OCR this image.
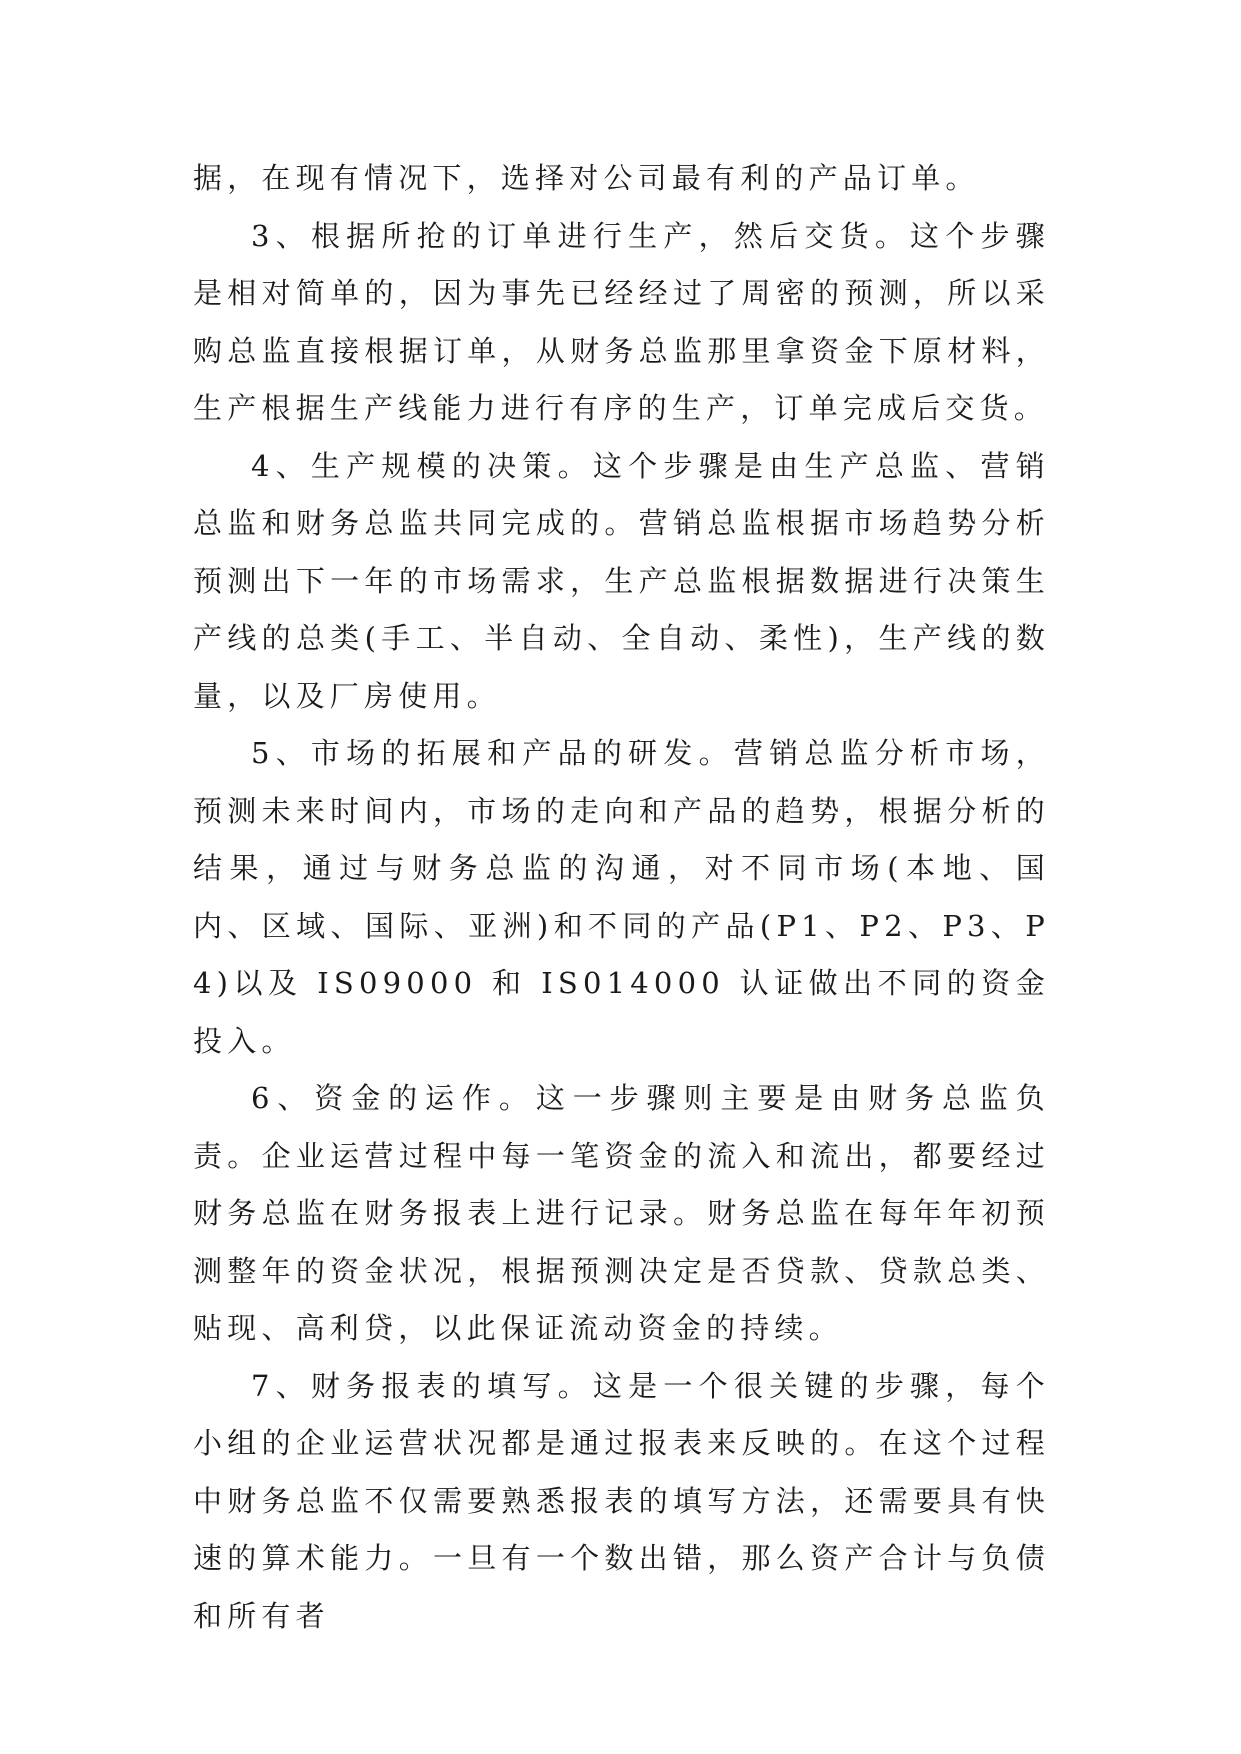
据，在现有情况下，选择对公司最有利的产品订单。

3、根据所抢的订单进行生产，然后交货。这个步骤是相对简单的，因为事先已经经过了周密的预测，所以采购总监直接根据订单，从财务总监那里拿资金下原材料，生产根据生产线能力进行有序的生产，订单完成后交货。

4、生产规模的决策。这个步骤是由生产总监、营销总监和财务总监共同完成的。营销总监根据市场趋势分析预测出下一年的市场需求，生产总监根据数据进行决策生产线的总类(手工、半自动、全自动、柔性)，生产线的数量，以及厂房使用。

5、市场的拓展和产品的研发。营销总监分析市场，预测未来时间内，市场的走向和产品的趋势，根据分析的结果，通过与财务总监的沟通，对不同市场(本地、国内、区域、国际、亚洲)和不同的产品(P1、P2、P3、P4)以及 IS09000 和 IS014000 认证做出不同的资金投入。

6、资金的运作。这一步骤则主要是由财务总监负责。企业运营过程中每一笔资金的流入和流出，都要经过财务总监在财务报表上进行记录。财务总监在每年年初预测整年的资金状况，根据预测决定是否贷款、贷款总类、贴现、高利贷，以此保证流动资金的持续。

7、财务报表的填写。这是一个很关键的步骤，每个小组的企业运营状况都是通过报表来反映的。在这个过程中财务总监不仅需要熟悉报表的填写方法，还需要具有快速的算术能力。一旦有一个数出错，那么资产合计与负债和所有者
